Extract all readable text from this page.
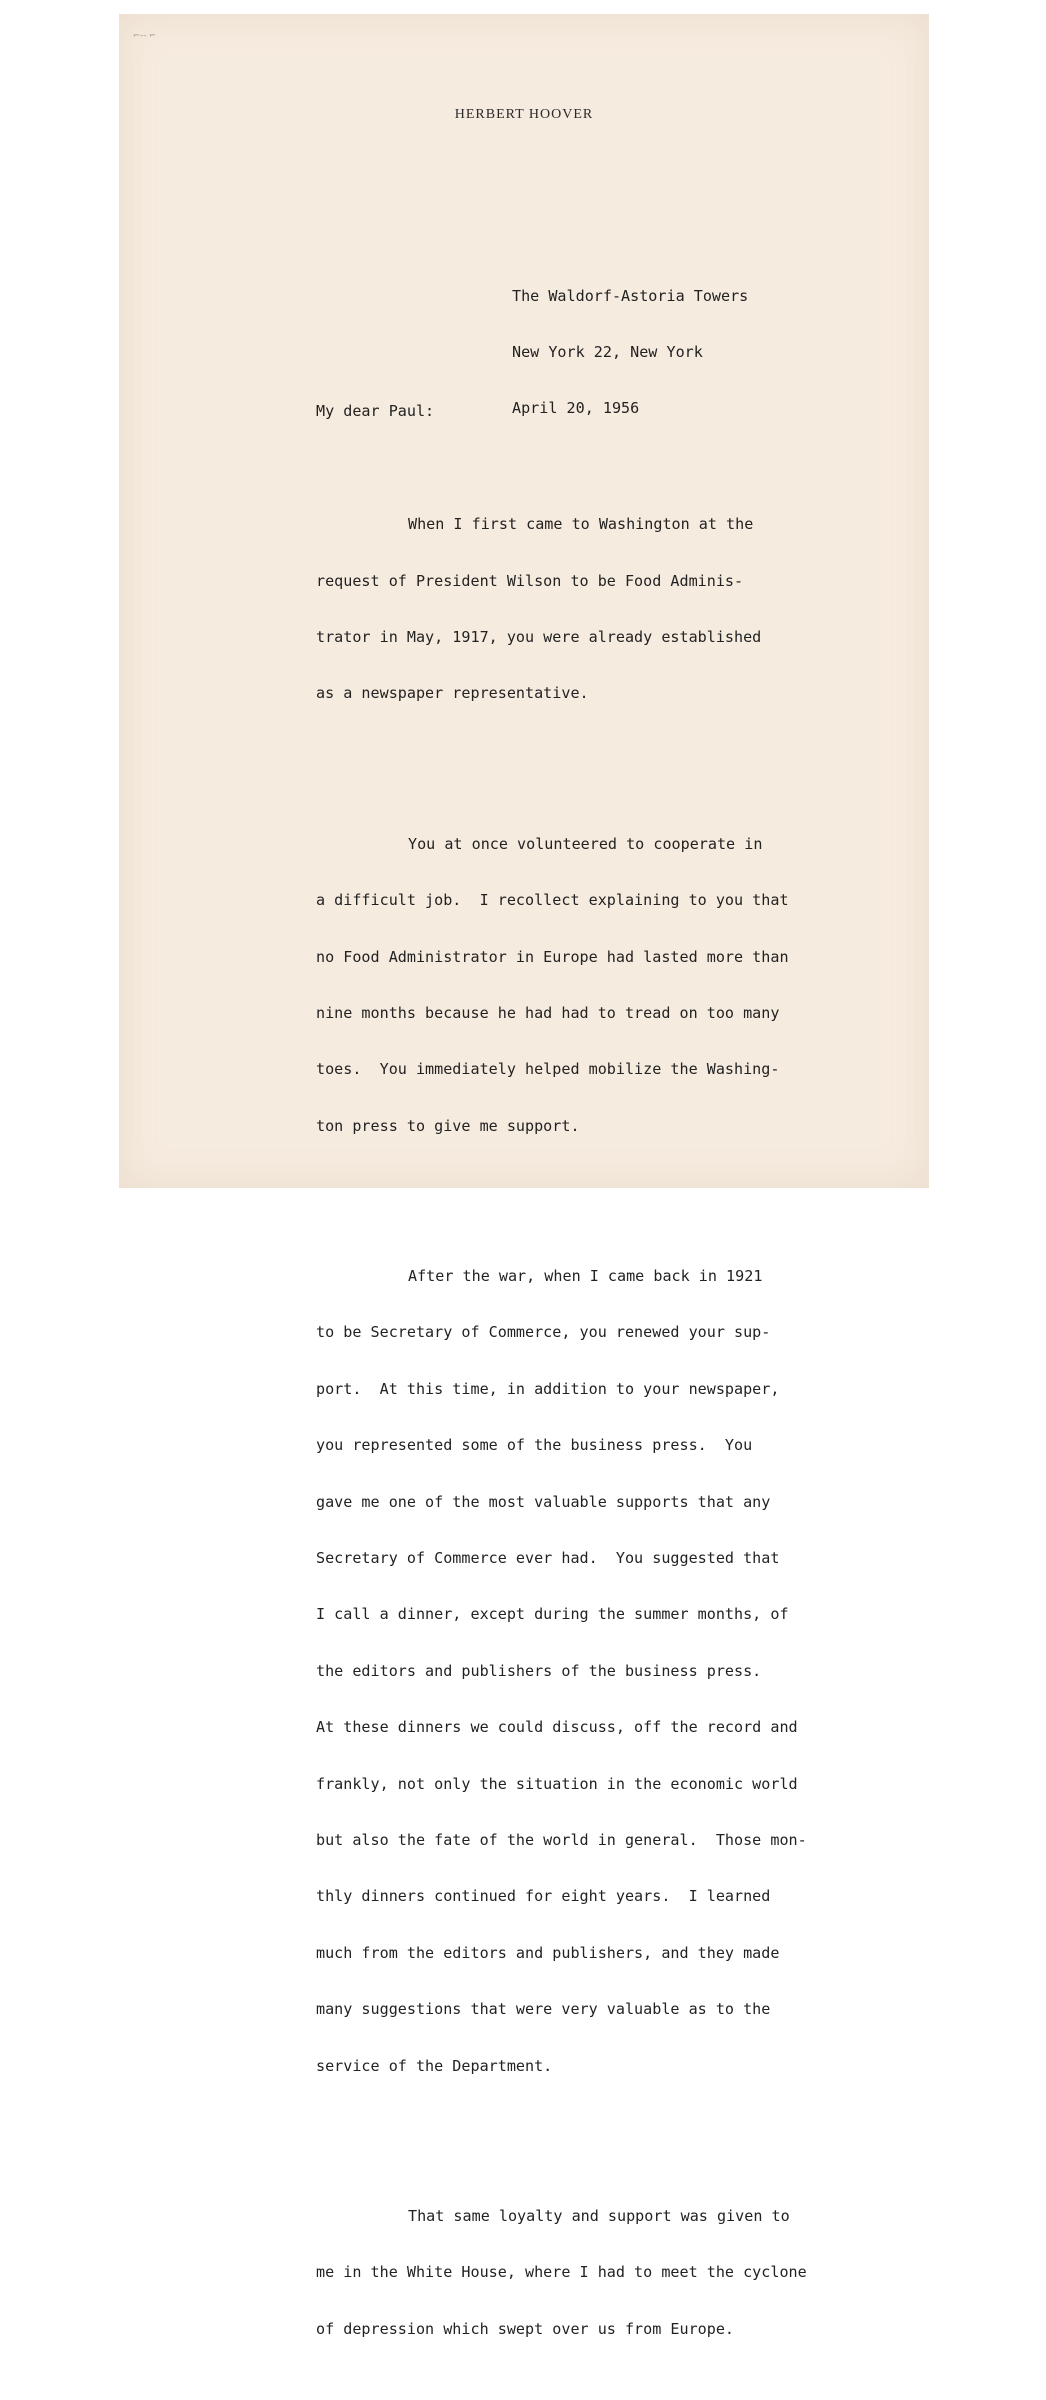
⌐–‐ ⌐
HERBERT HOOVER

The Waldorf-Astoria Towers

New York 22, New York

April 20, 1956

My dear Paul:

When I first came to Washington at the

request of President Wilson to be Food Adminis-

trator in May, 1917, you were already established

as a newspaper representative.

You at once volunteered to cooperate in

a difficult job.  I recollect explaining to you that

no Food Administrator in Europe had lasted more than

nine months because he had had to tread on too many

toes.  You immediately helped mobilize the Washing-

ton press to give me support.

After the war, when I came back in 1921

to be Secretary of Commerce, you renewed your sup-

port.  At this time, in addition to your newspaper,

you represented some of the business press.  You

gave me one of the most valuable supports that any

Secretary of Commerce ever had.  You suggested that

I call a dinner, except during the summer months, of

the editors and publishers of the business press.

At these dinners we could discuss, off the record and

frankly, not only the situation in the economic world

but also the fate of the world in general.  Those mon-

thly dinners continued for eight years.  I learned

much from the editors and publishers, and they made

many suggestions that were very valuable as to the

service of the Department.

That same loyalty and support was given to

me in the White House, where I had to meet the cyclone

of depression which swept over us from Europe.
